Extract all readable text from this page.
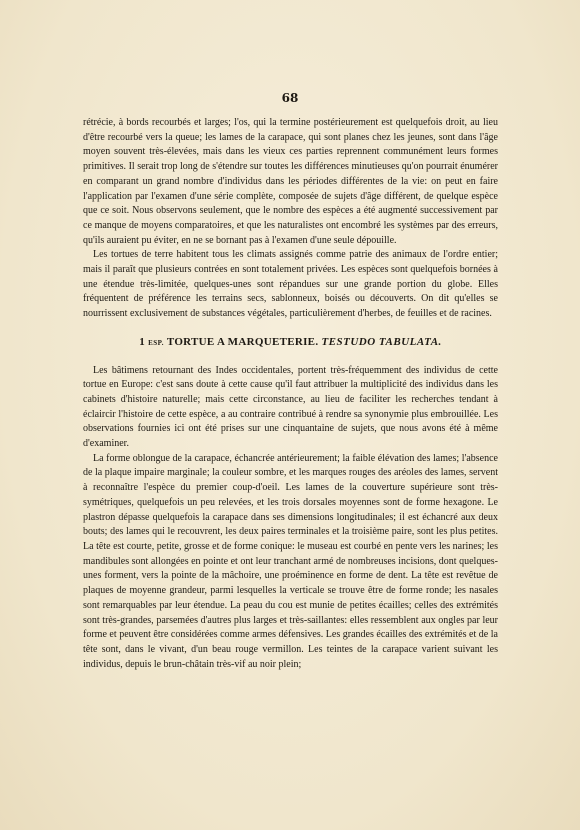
68

rétrécie, à bords recourbés et larges; l'os, qui la termine postérieurement est quelquefois droit, au lieu d'être recourbé vers la queue; les lames de la carapace, qui sont planes chez les jeunes, sont dans l'âge moyen souvent très-élevées, mais dans les vieux ces parties reprennent communément leurs formes primitives. Il serait trop long de s'étendre sur toutes les différences minutieuses qu'on pourrait énumérer en comparant un grand nombre d'individus dans les périodes différentes de la vie: on peut en faire l'application par l'examen d'une série complète, composée de sujets d'âge différent, de quelque espèce que ce soit. Nous observons seulement, que le nombre des espèces a été augmenté successivement par ce manque de moyens comparatoires, et que les naturalistes ont encombré les systèmes par des erreurs, qu'ils auraient pu éviter, en ne se bornant pas à l'examen d'une seule dépouille.

Les tortues de terre habitent tous les climats assignés comme patrie des animaux de l'ordre entier; mais il paraît que plusieurs contrées en sont totalement privées. Les espèces sont quelquefois bornées à une étendue très-limitée, quelques-unes sont répandues sur une grande portion du globe. Elles fréquentent de préférence les terrains secs, sablonneux, boisés ou découverts. On dit qu'elles se nourrissent exclusivement de substances végétales, particulièrement d'herbes, de feuilles et de racines.

1 ESP. TORTUE A MARQUETERIE. TESTUDO TABULATA.

Les bâtimens retournant des Indes occidentales, portent très-fréquemment des individus de cette tortue en Europe: c'est sans doute à cette cause qu'il faut attribuer la multiplicité des individus dans les cabinets d'histoire naturelle; mais cette circonstance, au lieu de faciliter les recherches tendant à éclaircir l'histoire de cette espèce, a au contraire contribué à rendre sa synonymie plus embrouillée. Les observations fournies ici ont été prises sur une cinquantaine de sujets, que nous avons été à même d'examiner.

La forme oblongue de la carapace, échancrée antérieurement; la faible élévation des lames; l'absence de la plaque impaire marginale; la couleur sombre, et les marques rouges des aréoles des lames, servent à reconnaître l'espèce du premier coup-d'oeil. Les lames de la couverture supérieure sont très-symétriques, quelquefois un peu relevées, et les trois dorsales moyennes sont de forme hexagone. Le plastron dépasse quelquefois la carapace dans ses dimensions longitudinales; il est échancré aux deux bouts; des lames qui le recouvrent, les deux paires terminales et la troisième paire, sont les plus petites. La tête est courte, petite, grosse et de forme conique: le museau est courbé en pente vers les narines; les mandibules sont allongées en pointe et ont leur tranchant armé de nombreuses incisions, dont quelques-unes forment, vers la pointe de la mâchoire, une proéminence en forme de dent. La tête est revêtue de plaques de moyenne grandeur, parmi lesquelles la verticale se trouve être de forme ronde; les nasales sont remarquables par leur étendue. La peau du cou est munie de petites écailles; celles des extrémités sont très-grandes, parsemées d'autres plus larges et très-saillantes: elles ressemblent aux ongles par leur forme et peuvent être considérées comme armes défensives. Les grandes écailles des extrémités et de la tête sont, dans le vivant, d'un beau rouge vermillon. Les teintes de la carapace varient suivant les individus, depuis le brun-châtain très-vif au noir plein;
